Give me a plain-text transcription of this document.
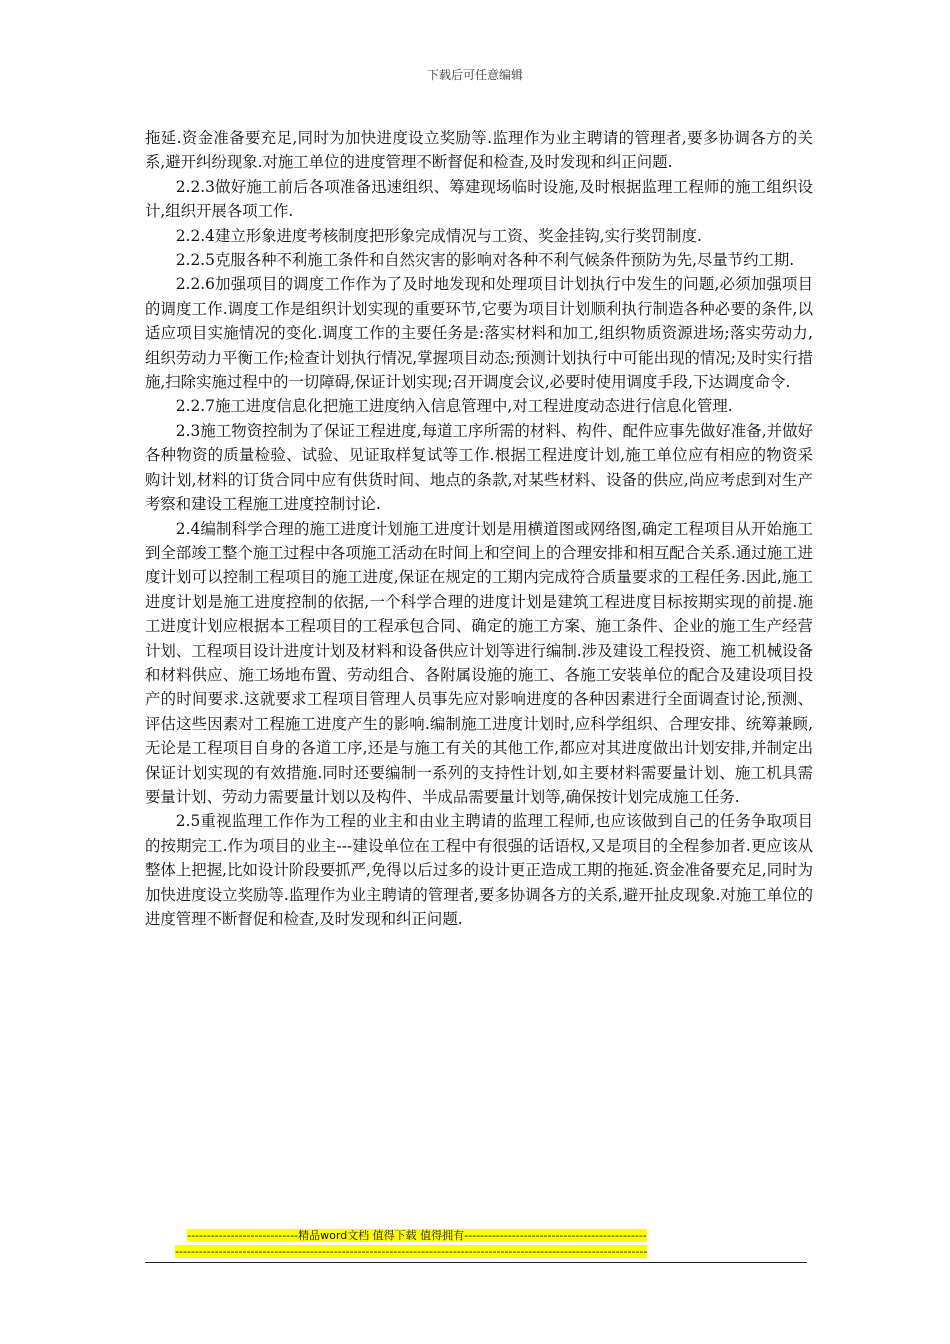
下载后可任意编辑

拖延.资金准备要充足,同时为加快进度设立奖励等.监理作为业主聘请的管理者,要多协调各方的关系,避开纠纷现象.对施工单位的进度管理不断督促和检查,及时发现和纠正问题.

2.2.3做好施工前后各项准备迅速组织、筹建现场临时设施,及时根据监理工程师的施工组织设计,组织开展各项工作.

2.2.4建立形象进度考核制度把形象完成情况与工资、奖金挂钩,实行奖罚制度.

2.2.5克服各种不利施工条件和自然灾害的影响对各种不利气候条件预防为先,尽量节约工期.

2.2.6加强项目的调度工作作为了及时地发现和处理项目计划执行中发生的问题,必须加强项目的调度工作.调度工作是组织计划实现的重要环节,它要为项目计划顺利执行制造各种必要的条件,以适应项目实施情况的变化.调度工作的主要任务是:落实材料和加工,组织物质资源进场;落实劳动力,组织劳动力平衡工作;检查计划执行情况,掌握项目动态;预测计划执行中可能出现的情况;及时实行措施,扫除实施过程中的一切障碍,保证计划实现;召开调度会议,必要时使用调度手段,下达调度命令.

2.2.7施工进度信息化把施工进度纳入信息管理中,对工程进度动态进行信息化管理.

2.3施工物资控制为了保证工程进度,每道工序所需的材料、构件、配件应事先做好准备,并做好各种物资的质量检验、试验、见证取样复试等工作.根据工程进度计划,施工单位应有相应的物资采购计划,材料的订货合同中应有供货时间、地点的条款,对某些材料、设备的供应,尚应考虑到对生产考察和建设工程施工进度控制讨论.

2.4编制科学合理的施工进度计划施工进度计划是用横道图或网络图,确定工程项目从开始施工到全部竣工整个施工过程中各项施工活动在时间上和空间上的合理安排和相互配合关系.通过施工进度计划可以控制工程项目的施工进度,保证在规定的工期内完成符合质量要求的工程任务.因此,施工进度计划是施工进度控制的依据,一个科学合理的进度计划是建筑工程进度目标按期实现的前提.施工进度计划应根据本工程项目的工程承包合同、确定的施工方案、施工条件、企业的施工生产经营计划、工程项目设计进度计划及材料和设备供应计划等进行编制.涉及建设工程投资、施工机械设备和材料供应、施工场地布置、劳动组合、各附属设施的施工、各施工安装单位的配合及建设项目投产的时间要求.这就要求工程项目管理人员事先应对影响进度的各种因素进行全面调查讨论,预测、评估这些因素对工程施工进度产生的影响.编制施工进度计划时,应科学组织、合理安排、统筹兼顾,无论是工程项目自身的各道工序,还是与施工有关的其他工作,都应对其进度做出计划安排,并制定出保证计划实现的有效措施.同时还要编制一系列的支持性计划,如主要材料需要量计划、施工机具需要量计划、劳动力需要量计划以及构件、半成品需要量计划等,确保按计划完成施工任务.

2.5重视监理工作作为工程的业主和由业主聘请的监理工程师,也应该做到自己的任务争取项目的按期完工.作为项目的业主---建设单位在工程中有很强的话语权,又是项目的全程参加者.更应该从整体上把握,比如设计阶段要抓严,免得以后过多的设计更正造成工期的拖延.资金准备要充足,同时为加快进度设立奖励等.监理作为业主聘请的管理者,要多协调各方的关系,避开扯皮现象.对施工单位的进度管理不断督促和检查,及时发现和纠正问题.

----------------------------精品word文档 值得下载 值得拥有----------------------------------------------
-----------------------------------------------------------------------------------------------------------------------
